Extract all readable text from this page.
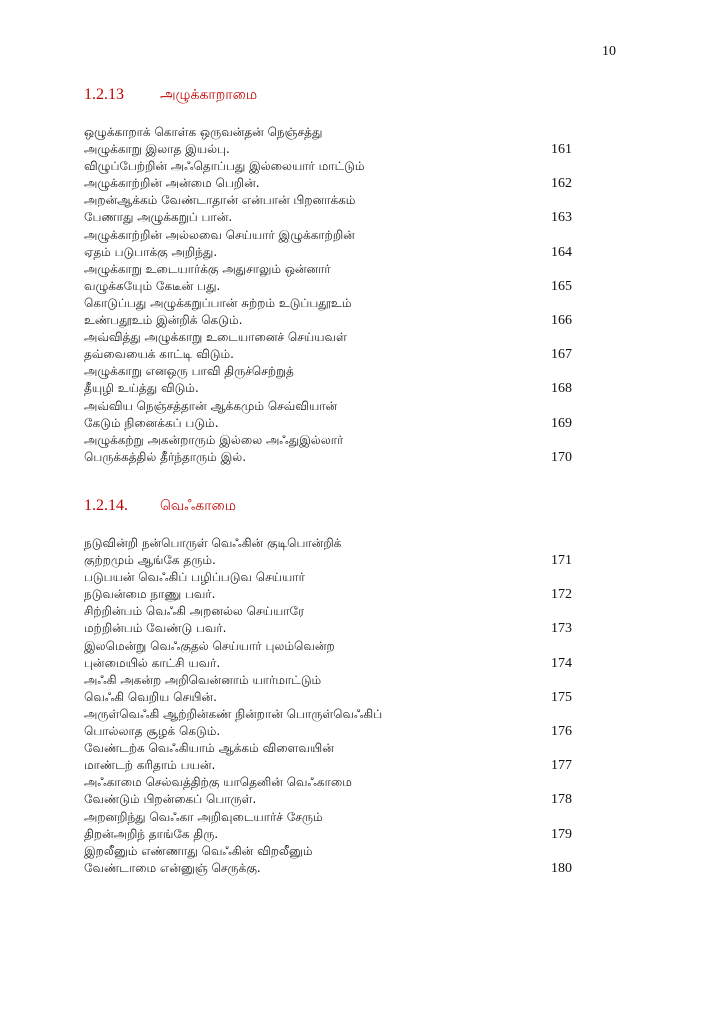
10
1.2.13	அழுக்காறாமை
ஒழுக்காறாக் கொள்க ஒருவன்தன் நெஞ்சத்து
அழுக்காறு இலாத இயல்பு.	161
விழுப்பேற்றின் அஃதொப்பது இல்லையார் மாட்டும்
அழுக்காற்றின் அன்மை பெறின்.	162
அறன்ஆக்கம் வேண்டாதான் என்பான் பிறனாக்கம்
பேணாது அழுக்கறுப் பான்.	163
அழுக்காற்றின் அல்லவை செய்யார் இழுக்காற்றின்
ஏதம் படுபாக்கு அறிந்து.	164
அழுக்காறு உடையார்க்கு அதுசாலும் ஒன்னார்
வழுக்கயேும் கேடீன் பது.	165
கொடுப்பது அழுக்கறுப்பான் சுற்றம் உடுப்பதூஉம்
உண்பதூஉம் இன்றிக் கெடும்.	166
அவ்வித்து அழுக்காறு உடையானைச் செய்யவள்
தவ்வையைக் காட்டி விடும்.	167
அழுக்காறு எனஒரு பாவி திருச்செற்றுத்
தீயுழி உய்த்து விடும்.	168
அவ்விய நெஞ்சத்தான் ஆக்கமும் செவ்வியான்
கேடும் நினைக்கப் படும்.	169
அழுக்கற்று அகன்றாரும் இல்லை அஃதுஇல்லார்
பெருக்கத்தில் தீர்ந்தாரும் இல்.	170
1.2.14.	வெஃகாமை
நடுவின்றி நன்பொருள் வெஃகின் குடிபொன்றிக்
குற்றமும் ஆங்கே தரும்.	171
படுபயன் வெஃகிப் பழிப்படுவ செய்யார்
நடுவன்மை நாணு பவர்.	172
சிற்றின்பம் வெஃகி அறனல்ல செய்யாரே
மற்றின்பம் வேண்டு பவர்.	173
இலமென்று வெஃகுதல் செய்யார் புலம்வென்ற
புன்மையில் காட்சி யவர்.	174
அஃகி அகன்ற அறிவென்னாம் யார்மாட்டும்
வெஃகி வெறிய செயின்.	175
அருள்வெஃகி ஆற்றின்கண் நின்றான் பொருள்வெஃகிப்
பொல்லாத சூழக் கெடும்.	176
வேண்டற்க வெஃகியாம் ஆக்கம் விளைவயின்
மாண்டற் கரிதாம் பயன்.	177
அஃகாமை செல்வத்திற்கு யாதெனின் வெஃகாமை
வேண்டும் பிறன்கைப் பொருள்.	178
அறனறிந்து வெஃகா அறிவுடையார்ச் சேரும்
திறன்அறிந் தாங்கே திரு.	179
இறலீனும் எண்ணாது வெஃகின் விறலீனும்
வேண்டாமை என்னுஞ் செருக்கு.	180
